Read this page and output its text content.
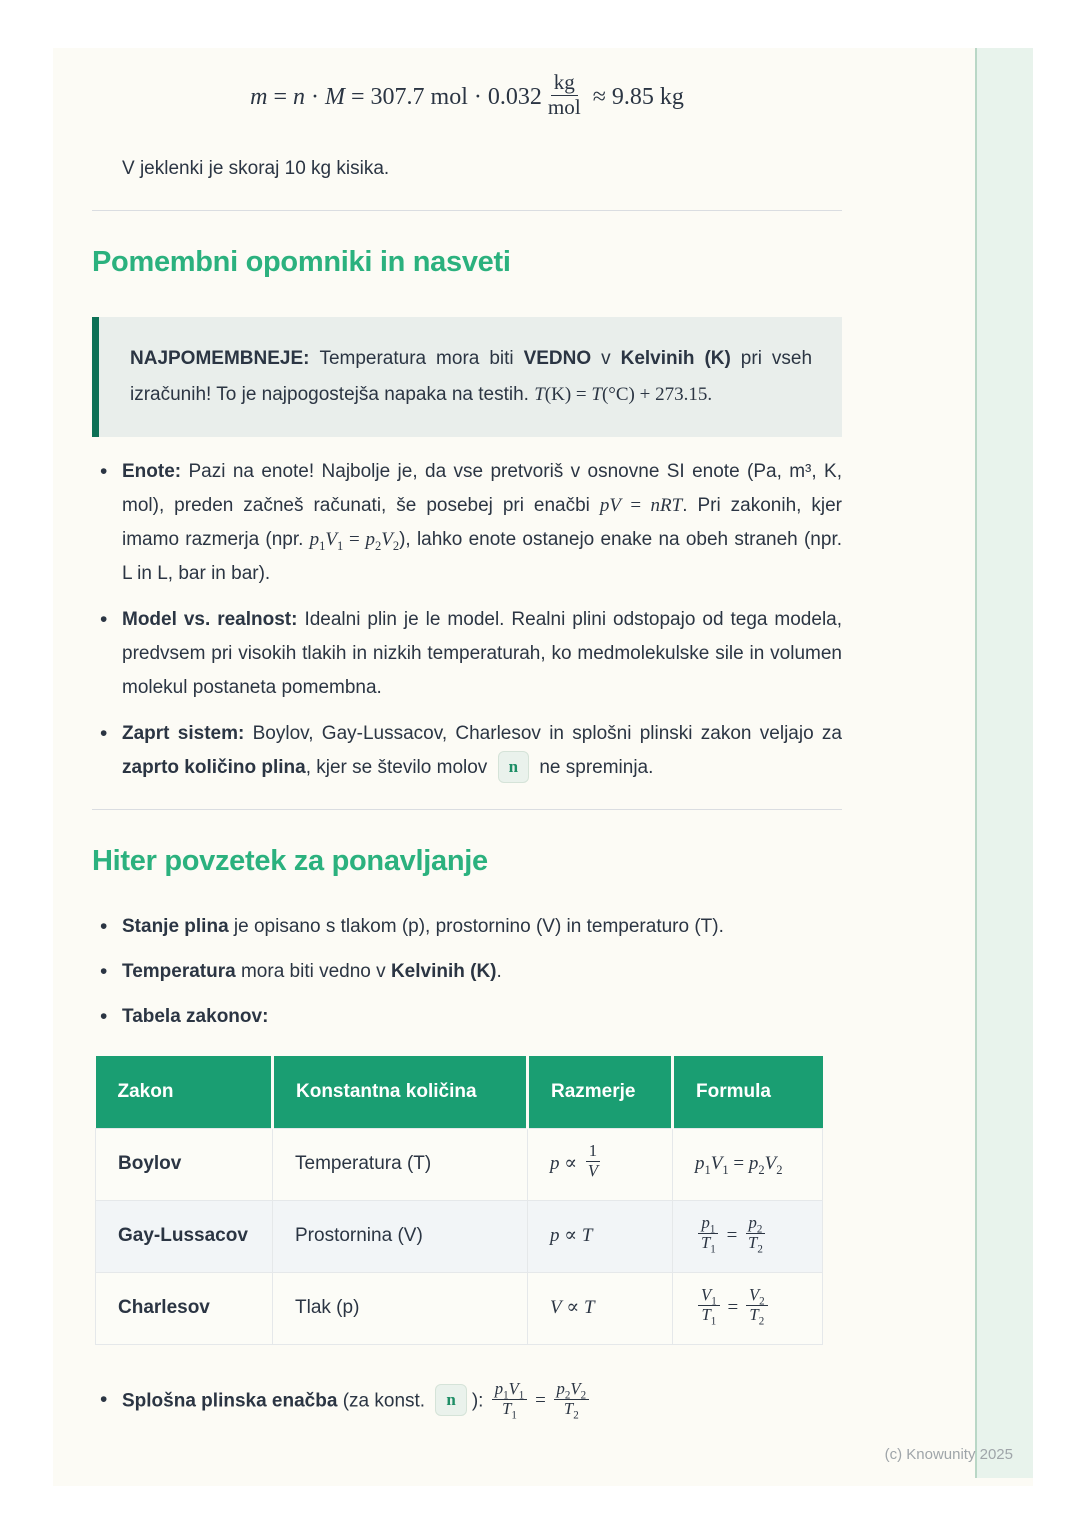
m = n · M = 307.7 mol · $0.032 \frac{kg}{\text{mol}} \approx 9.85$ kg

V jeklenki je skoraj 10 kg kisika.

Pomembni opomniki in nasveti
NAJPOMEMBNEJE: Temperatura mora biti VEDNO v Kelvinih (K) pri vseh izračunih! To je najpogostejša napaka na testih. T(K) = T(°C) + 273.15.
• Enote: Pazi na enote! Najbolje je, da vse pretvoriš v osnovne SI enote (Pa, m³, K, mol), preden začneš računati, še posebej pri enačbi pV = nRT. Pri zakonih, kjer imamo razmerja (npr. $p_1V_1 = p_2V_2$), lahko enote ostanejo enake na obeh straneh (npr. L in L, bar in bar).
• Model vs. realnost: Idealni plin je le model. Realni plini odstopajo od tega modela, predvsem pri visokih tlakih in nizkih temperaturah, ko medmolekulske sile in volumen molekul postaneta pomembna.
• Zaprt sistem: Boylov, Gay-Lussacov, Charlesov in splošni plinski zakon veljajo za zaprto količino plina, kjer se število molov n ne spreminja.
Hiter povzetek za ponavljanje
• Stanje plina je opisano s tlakom (p), prostornino (V) in temperaturo (T).
• Temperatura mora biti vedno v Kelvinih (K).
• Tabela zakonov:
Zakon	Konstantna količina	Razmerje	Formula
Boylov	Temperatura (T)	$p \propto \frac{1}{V}$	$p_1V_1 = p_2V_2$
Gay-Lussacov	Prostornina (V)	p ∝ T	$\frac{p_1}{T_1} = \frac{p_2}{T_2}$

Charlesov	Tlak (p)	V ∝ T	$\frac{V_1}{T_1} = \frac{V_2}{T_2}$
• Splošna plinska enačba (za konst. n ): $\frac{p_1V_1}{T_1} = \frac{p_2V_2}{T_2}$
(c) Knowunity 2025
